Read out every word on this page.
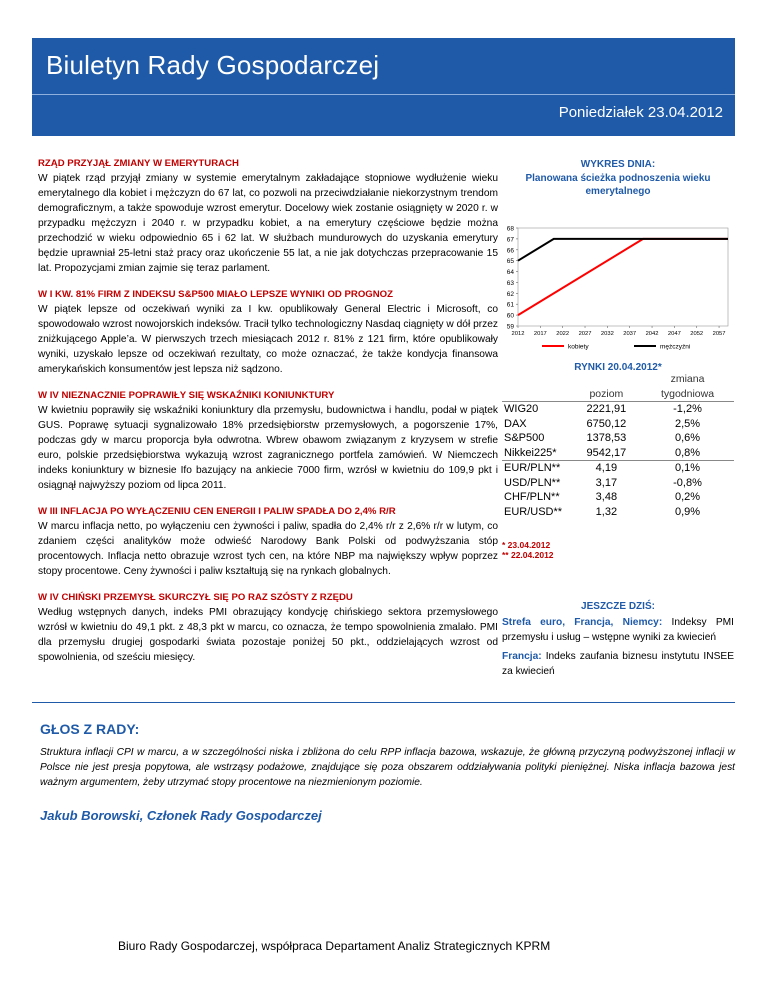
Biuletyn Rady Gospodarczej
Poniedziałek 23.04.2012
RZĄD PRZYJĄŁ ZMIANY W EMERYTURACH

W piątek rząd przyjął zmiany w systemie emerytalnym zakładające stopniowe wydłużenie wieku emerytalnego dla kobiet i mężczyzn do 67 lat, co pozwoli na przeciwdziałanie niekorzystnym trendom demograficznym, a także spowoduje wzrost emerytur. Docelowy wiek zostanie osiągnięty w 2020 r. w przypadku mężczyzn i 2040 r. w przypadku kobiet, a na emerytury częściowe będzie można przechodzić w wieku odpowiednio 65 i 62 lat. W służbach mundurowych do uzyskania emerytury będzie uprawniał 25-letni staż pracy oraz ukończenie 55 lat, a nie jak dotychczas przepracowanie 15 lat. Propozycjami zmian zajmie się teraz parlament.

W I KW. 81% FIRM Z INDEKSU S&P500 MIAŁO LEPSZE WYNIKI OD PROGNOZ

W piątek lepsze od oczekiwań wyniki za I kw. opublikowały General Electric i Microsoft, co spowodowało wzrost nowojorskich indeksów. Tracił tylko technologiczny Nasdaq ciągnięty w dół przez zniżkującego Apple’a. W pierwszych trzech miesiącach 2012 r. 81% z 121 firm, które opublikowały wyniki, uzyskało lepsze od oczekiwań rezultaty, co może oznaczać, że także kondycja finansowa amerykańskich konsumentów jest lepsza niż sądzono.

W IV NIEZNACZNIE POPRAWIŁY SIĘ WSKAŹNIKI KONIUNKTURY

W kwietniu poprawiły się wskaźniki koniunktury dla przemysłu, budownictwa i handlu, podał w piątek GUS. Poprawę sytuacji sygnalizowało 18% przedsiębiorstw przemysłowych, a pogorszenie 17%, podczas gdy w marcu proporcja była odwrotna. Wbrew obawom związanym z kryzysem w strefie euro, polskie przedsiębiorstwa wykazują wzrost zagranicznego portfela zamówień. W Niemczech indeks koniunktury w biznesie Ifo bazujący na ankiecie 7000 firm, wzrósł w kwietniu do 109,9 pkt i osiągnął najwyższy poziom od lipca 2011.

W III INFLACJA PO WYŁĄCZENIU CEN ENERGII I PALIW SPADŁA DO 2,4% R/R

W marcu inflacja netto, po wyłączeniu cen żywności i paliw, spadła do 2,4% r/r z 2,6% r/r w lutym, co zdaniem części analityków może odwieść Narodowy Bank Polski od podwyższania stóp procentowych. Inflacja netto obrazuje wzrost tych cen, na które NBP ma największy wpływ poprzez stopy procentowe. Ceny żywności i paliw kształtują się na rynkach globalnych.

W IV CHIŃSKI PRZEMYSŁ SKURCZYŁ SIĘ PO RAZ SZÓSTY Z RZĘDU

Według wstępnych danych, indeks PMI obrazujący kondycję chińskiego sektora przemysłowego wzrósł w kwietniu do 49,1 pkt. z 48,3 pkt w marcu, co oznacza, że tempo spowolnienia zmalało. PMI dla przemysłu drugiej gospodarki świata pozostaje poniżej 50 pkt., oddzielających wzrost od spowolnienia, od sześciu miesięcy.

WYKRES DNIA:
Planowana ścieżka podnoszenia wieku emerytalnego
59
60
61
62
63
64
65
66
67
68
2012 2017 2022 2027 2032 2037 2042 2047 2052 2057
kobiety	mężczyźni
RYNKI 20.04.2012*
	poziom	zmiana tygodniowa
WIG20	2221,91	-1,2%
DAX	6750,12	2,5%
S&P500	1378,53	0,6%
Nikkei225*	9542,17	0,8%
EUR/PLN**	4,19	0,1%
USD/PLN**	3,17	-0,8%
CHF/PLN**	3,48	0,2%
EUR/USD**	1,32	0,9%
* 23.04.2012
** 22.04.2012
JESZCZE DZIŚ:

Strefa euro, Francja, Niemcy: Indeksy PMI przemysłu i usług – wstępne wyniki za kwiecień

Francja: Indeks zaufania biznesu instytutu INSEE za kwiecień

GŁOS Z RADY:

Struktura inflacji CPI w marcu, a w szczególności niska i zbliżona do celu RPP inflacja bazowa, wskazuje, że główną przyczyną podwyższonej inflacji w Polsce nie jest presja popytowa, ale wstrząsy podażowe, znajdujące się poza obszarem oddziaływania polityki pieniężnej. Niska inflacja bazowa jest ważnym argumentem, żeby utrzymać stopy procentowe na niezmienionym poziomie.

Jakub Borowski, Członek Rady Gospodarczej
Biuro Rady Gospodarczej, współpraca Departament Analiz Strategicznych KPRM
